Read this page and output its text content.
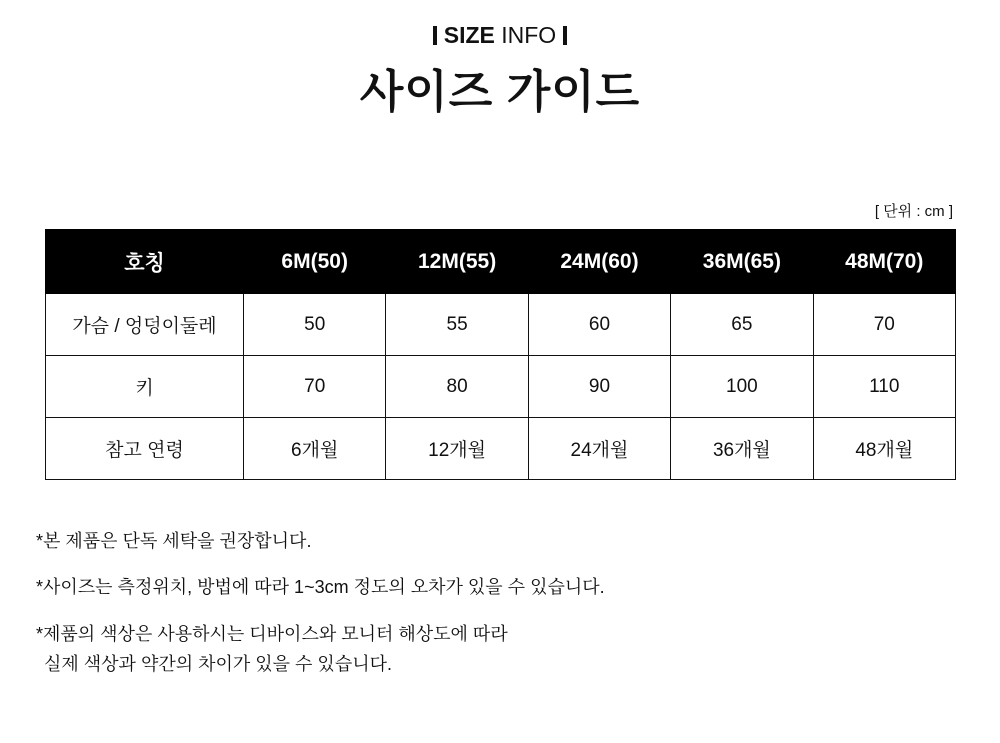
SIZE INFO
사이즈 가이드
[ 단위 : cm ]
호칭	6M(50)	12M(55)	24M(60)	36M(65)	48M(70)
가슴 / 엉덩이둘레	50	55	60	65	70
키	70	80	90	100	110
참고 연령	6개월	12개월	24개월	36개월	48개월

*본 제품은 단독 세탁을 권장합니다.

*사이즈는 측정위치, 방법에 따라 1~3cm 정도의 오차가 있을 수 있습니다.

*제품의 색상은 사용하시는 디바이스와 모니터 해상도에 따라

실제 색상과 약간의 차이가 있을 수 있습니다.
